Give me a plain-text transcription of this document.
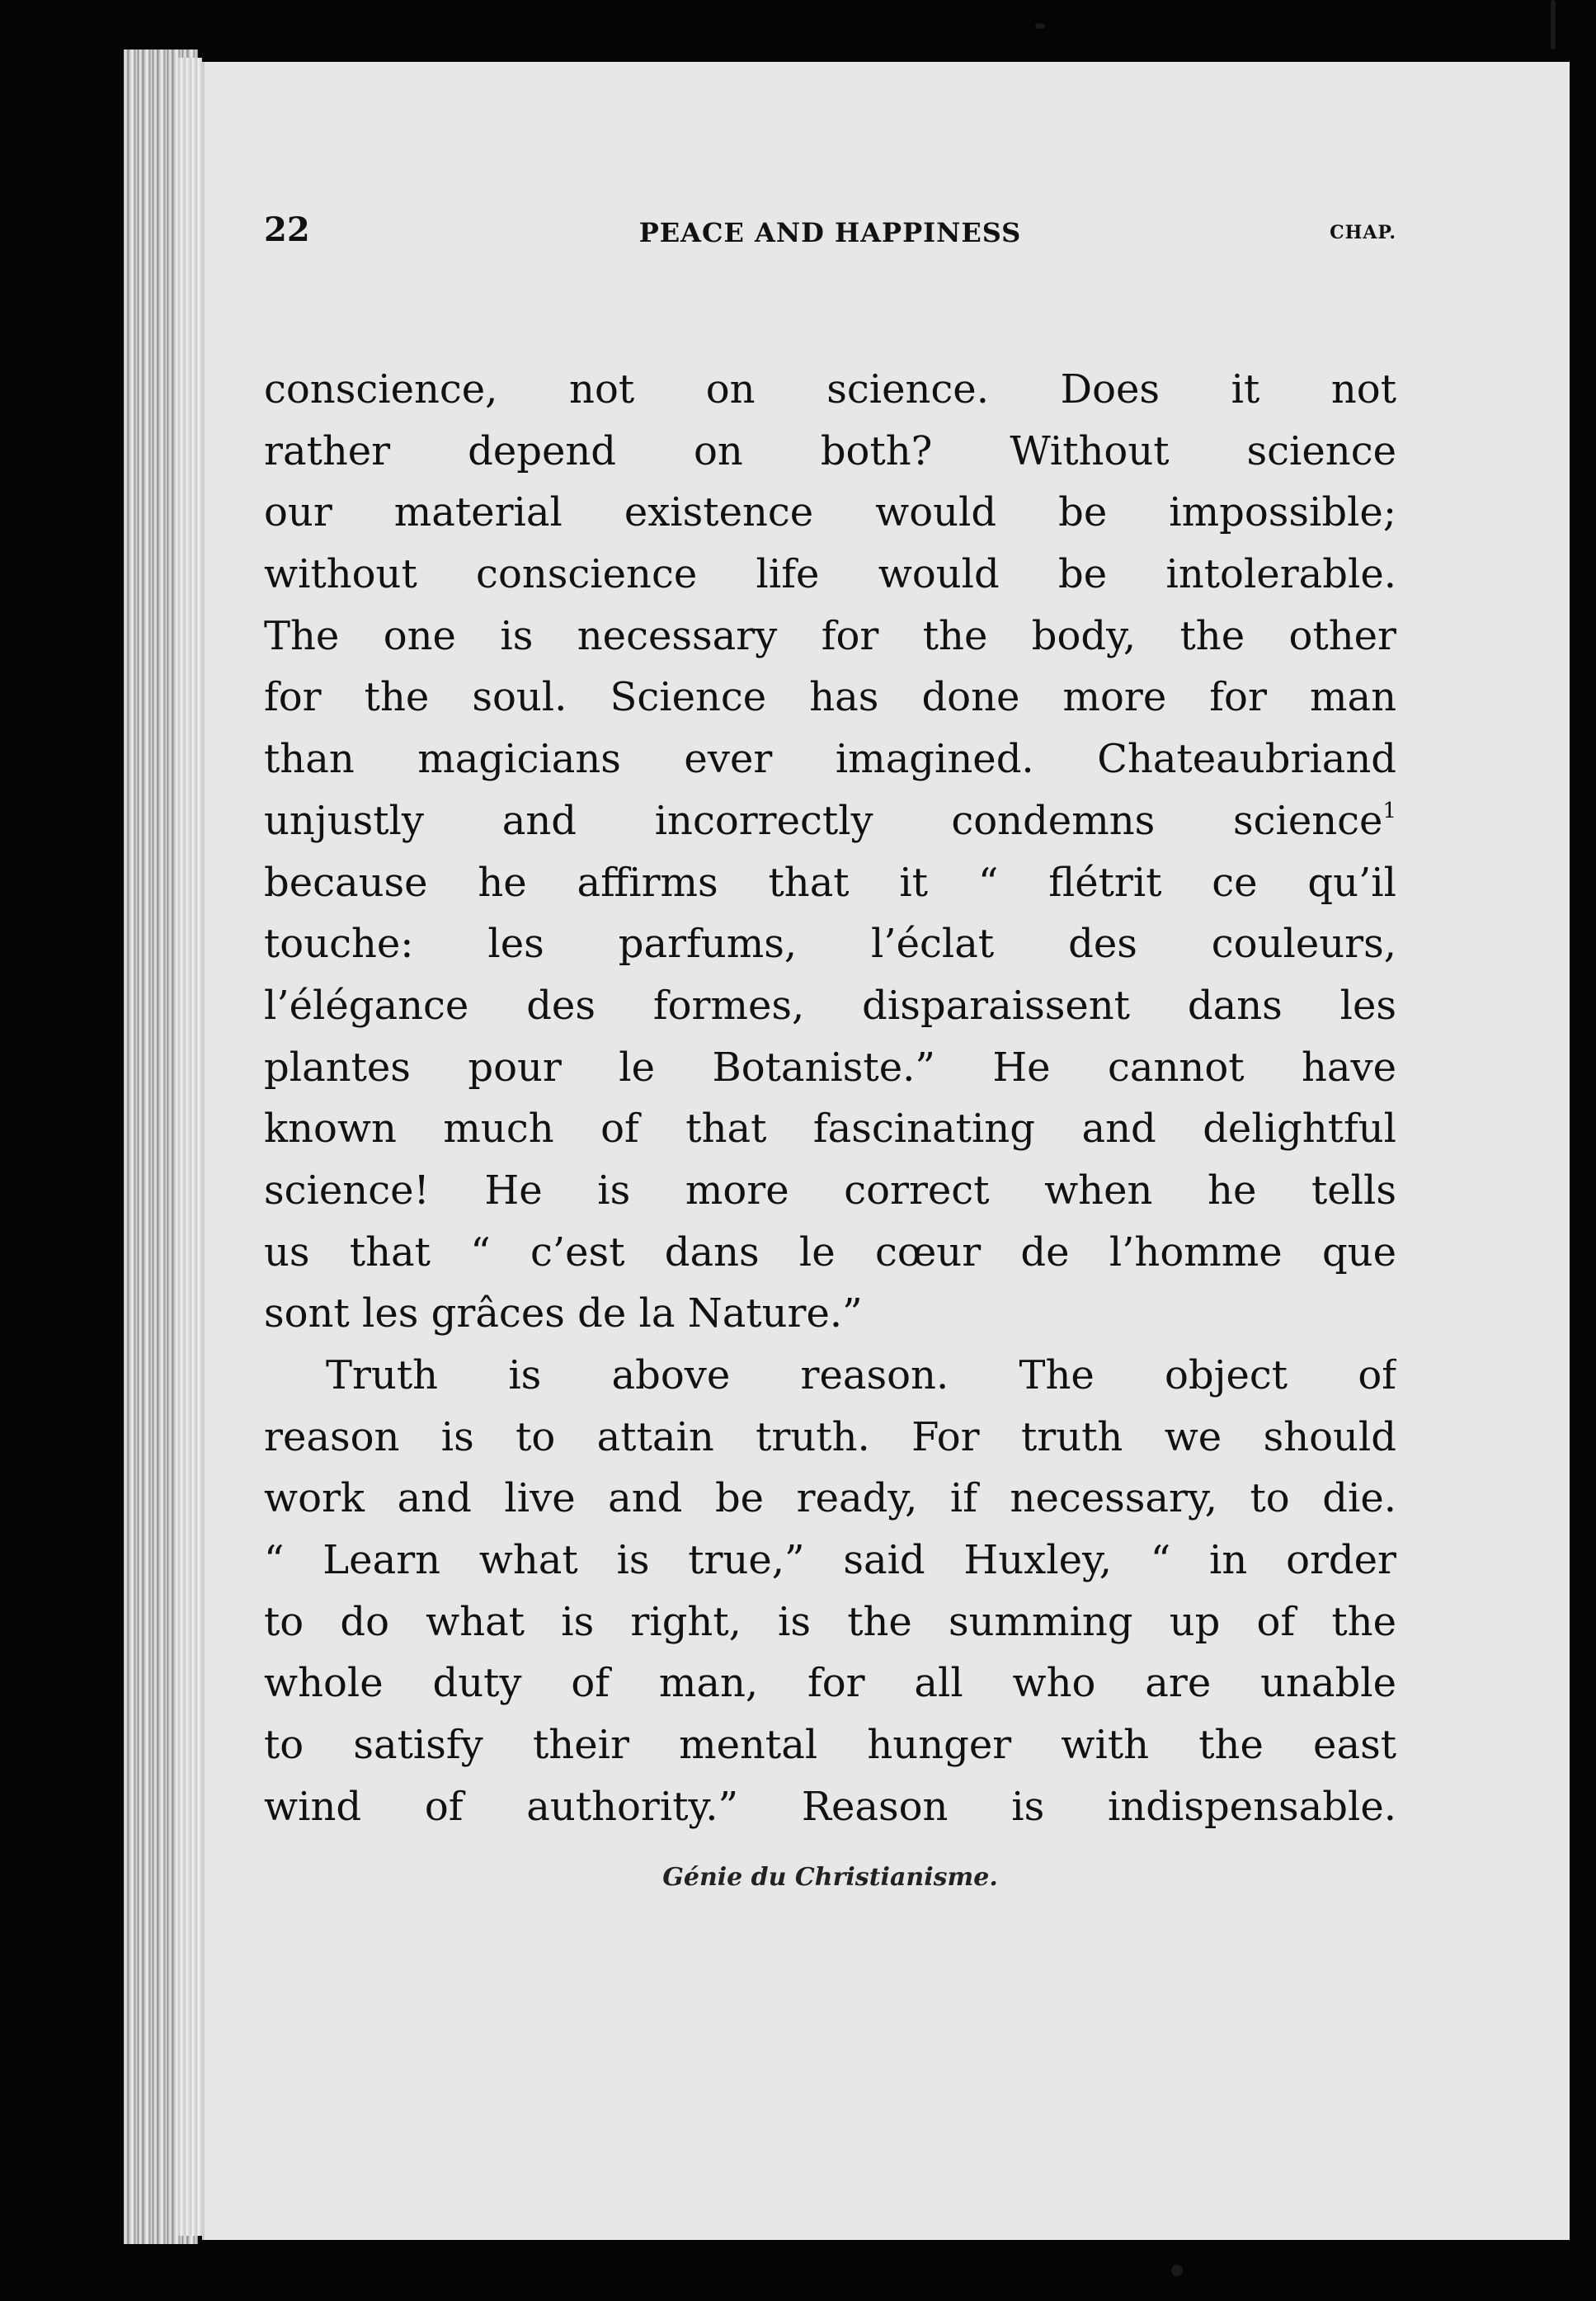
22	PEACE AND HAPPINESS	CHAP.
conscience, not on science. Does it not
rather depend on both? Without science
our material existence would be impossible;
without conscience life would be intolerable.
The one is necessary for the body, the other
for the soul. Science has done more for man
than magicians ever imagined. Chateaubriand
unjustly and incorrectly condemns science$^1$
because he affirms that it “ flétrit ce qu’il
touche: les parfums, l’éclat des couleurs,
l’élégance des formes, disparaissent dans les
plantes pour le Botaniste.” He cannot have
known much of that fascinating and delightful
science! He is more correct when he tells
us that “ c’est dans le cœur de l’homme que
sont les grâces de la Nature.”
Truth is above reason. The object of
reason is to attain truth. For truth we should
work and live and be ready, if necessary, to die.
“ Learn what is true,” said Huxley, “ in order
to do what is right, is the summing up of the
whole duty of man, for all who are unable
to satisfy their mental hunger with the east
wind of authority.” Reason is indispensable.
Génie du Christianisme.
